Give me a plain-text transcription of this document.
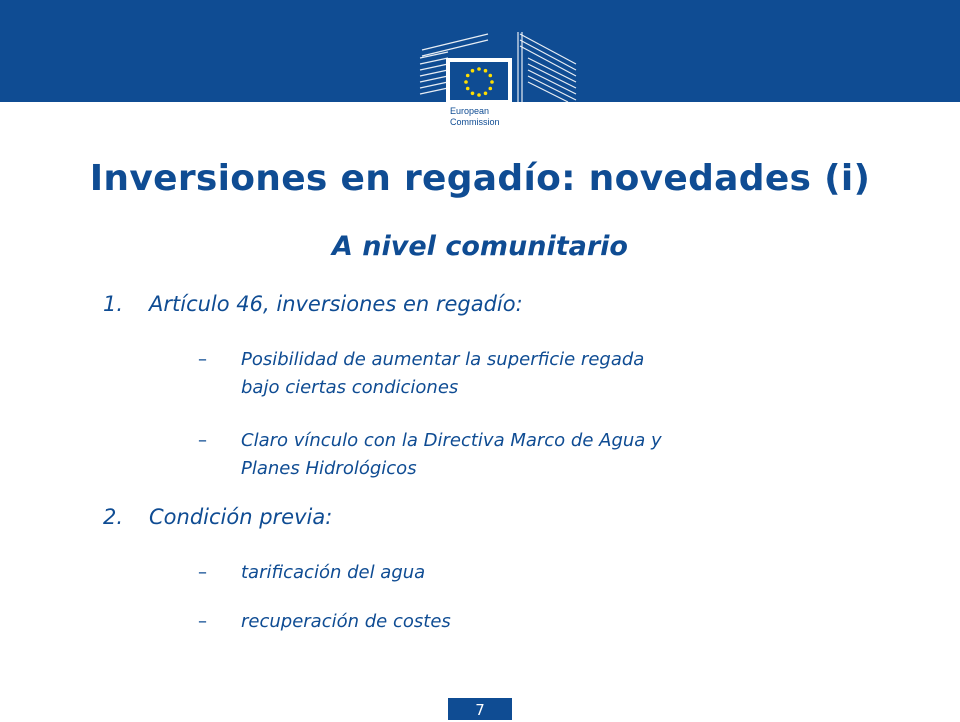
European
Commission
Inversiones en regadío: novedades (i)
A nivel comunitario
1. Artículo 46, inversiones en regadío:
– Posibilidad de aumentar la superficie regada
bajo ciertas condiciones
– Claro vínculo con la Directiva Marco de Agua y
Planes Hidrológicos
2. Condición previa:
– tarificación del agua
– recuperación de costes
7
